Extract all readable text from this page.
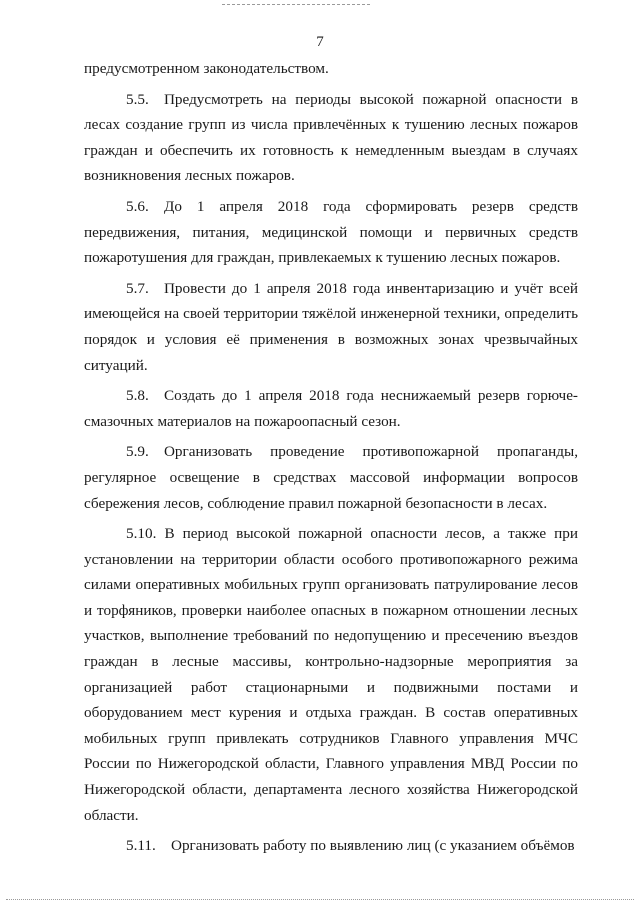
7

предусмотренном законодательством.

5.5. Предусмотреть на периоды высокой пожарной опасности в лесах создание групп из числа привлечённых к тушению лесных пожаров граждан и обеспечить их готовность к немедленным выездам в случаях возникновения лесных пожаров.

5.6. До 1 апреля 2018 года сформировать резерв средств передвижения, питания, медицинской помощи и первичных средств пожаротушения для граждан, привлекаемых к тушению лесных пожаров.

5.7. Провести до 1 апреля 2018 года инвентаризацию и учёт всей имеющейся на своей территории тяжёлой инженерной техники, определить порядок и условия её применения в возможных зонах чрезвычайных ситуаций.

5.8. Создать до 1 апреля 2018 года неснижаемый резерв горюче-смазочных материалов на пожароопасный сезон.

5.9. Организовать проведение противопожарной пропаганды, регулярное освещение в средствах массовой информации вопросов сбережения лесов, соблюдение правил пожарной безопасности в лесах.

5.10. В период высокой пожарной опасности лесов, а также при установлении на территории области особого противопожарного режима силами оперативных мобильных групп организовать патрулирование лесов и торфяников, проверки наиболее опасных в пожарном отношении лесных участков, выполнение требований по недопущению и пресечению въездов граждан в лесные массивы, контрольно-надзорные мероприятия за организацией работ стационарными и подвижными постами и оборудованием мест курения и отдыха граждан. В состав оперативных мобильных групп привлекать сотрудников Главного управления МЧС России по Нижегородской области, Главного управления МВД России по Нижегородской области, департамента лесного хозяйства Нижегородской области.

5.11. Организовать работу по выявлению лиц (с указанием объёмов
